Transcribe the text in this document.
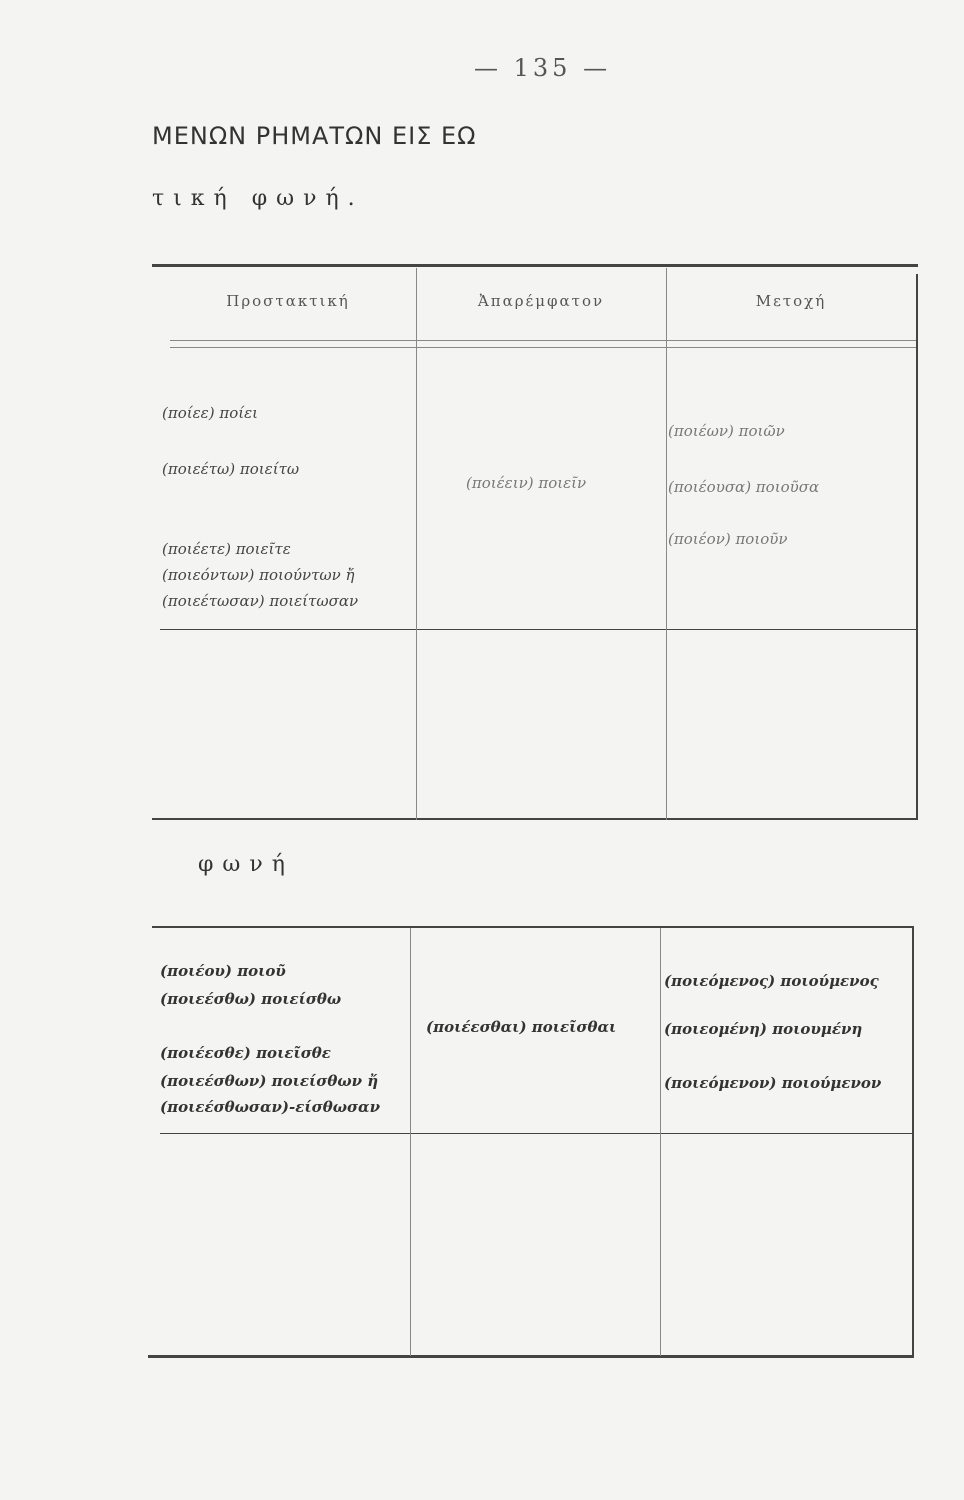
— 135 —
ΜΕΝΩΝ ΡΗΜΑΤΩΝ ΕΙΣ ΕΩ
τική φωνή.
Προστακτική	Ἀπαρέμφατον	Μετοχή
(ποίεε) ποίει
(ποιεέτω) ποιείτω
(ποιέετε) ποιεῖτε
(ποιεόντων) ποιούντων ἤ
(ποιεέτωσαν) ποιείτωσαν
(ποιέειν) ποιεῖν
(ποιέων) ποιῶν
(ποιέουσα) ποιοῦσα
(ποιέον) ποιοῦν
φωνή
(ποιέου) ποιοῦ
(ποιεέσθω) ποιείσθω
(ποιέεσθε) ποιεῖσθε
(ποιεέσθων) ποιείσθων ἤ
(ποιεέσθωσαν)-είσθωσαν
(ποιέεσθαι) ποιεῖσθαι
(ποιεόμενος) ποιούμενος
(ποιεομένη) ποιουμένη
(ποιεόμενον) ποιούμενον
